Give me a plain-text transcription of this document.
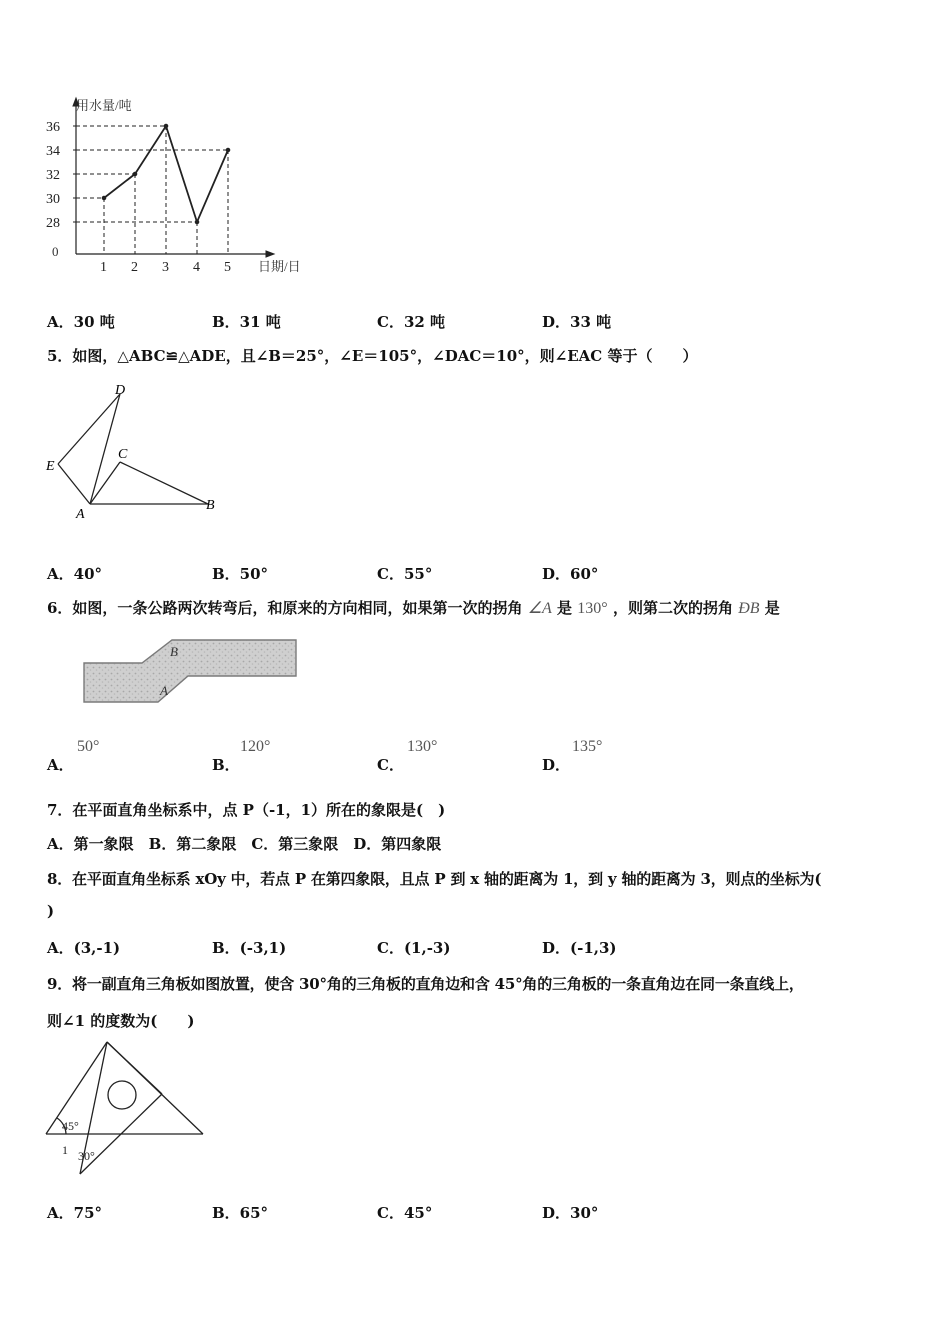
用水量/吨
日期/日
0
28
30
32
34
36
1 2 3 4 5
A．30 吨	B．31 吨	C．32 吨	D．33 吨
5．如图，△ABC≌△ADE，且∠B＝25°，∠E＝105°，∠DAC＝10°，则∠EAC 等于（　　）
D
E
C
A
B
A．40°	B．50°	C．55°	D．60°
6．如图，一条公路两次转弯后，和原来的方向相同，如果第一次的拐角 ∠A 是 130° ，则第二次的拐角 ÐB 是
B
A
A．
50°
B．
120°
C．
130°
D．
135°
7．在平面直角坐标系中，点 P（-1，1）所在的象限是(　)
A．第一象限　B．第二象限　C．第三象限　D．第四象限
8．在平面直角坐标系 xOy 中，若点 P 在第四象限，且点 P 到 x 轴的距离为 1，到 y 轴的距离为 3，则点的坐标为(
)
A．(3,-1)	B．(-3,1)	C．(1,-3)	D．(-1,3)
9．将一副直角三角板如图放置，使含 30°角的三角板的直角边和含 45°角的三角板的一条直角边在同一条直线上，
则∠1 的度数为(　　)
45°
1 30°
A．75°	B．65°	C．45°	D．30°
